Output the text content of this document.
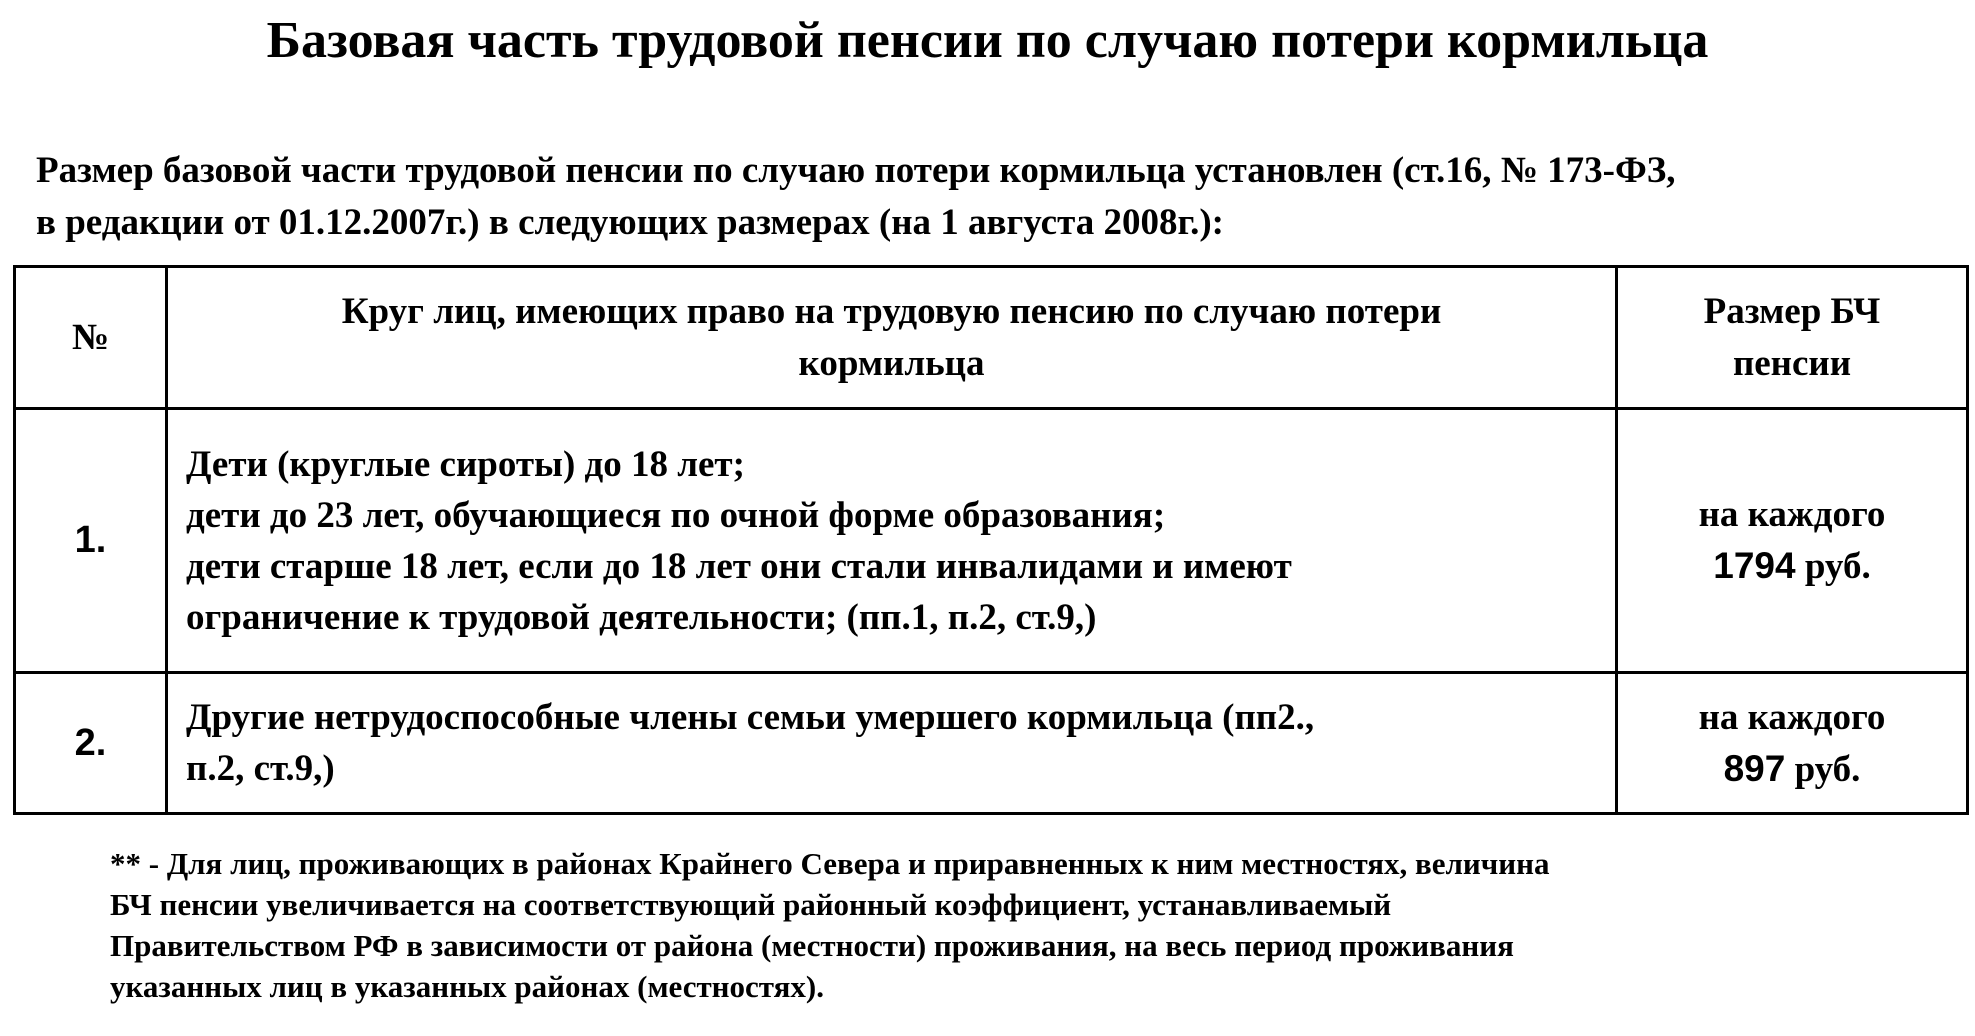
Базовая часть трудовой пенсии по случаю потери кормильца
Размер базовой части трудовой пенсии по случаю потери кормильца установлен (ст.16, № 173-ФЗ,
в редакции от 01.12.2007г.) в следующих размерах (на 1 августа 2008г.):
№	Круг лиц, имеющих право на трудовую пенсию по случаю потери
кормильца	Размер БЧ
пенсии

1.	Дети (круглые сироты) до 18 лет;
дети до 23 лет, обучающиеся по очной форме образования;
дети старше 18 лет, если до 18 лет они стали инвалидами и имеют
ограничение к трудовой деятельности; (пп.1, п.2, ст.9,)	на каждого
1794 руб.

2.	Другие нетрудоспособные члены семьи умершего кормильца (пп2.,
п.2, ст.9,)	на каждого
897 руб.
** - Для лиц, проживающих в районах Крайнего Севера и приравненных к ним местностях, величина
БЧ пенсии увеличивается на соответствующий районный коэффициент, устанавливаемый
Правительством РФ в зависимости от района (местности) проживания, на весь период проживания
указанных лиц в указанных районах (местностях).
